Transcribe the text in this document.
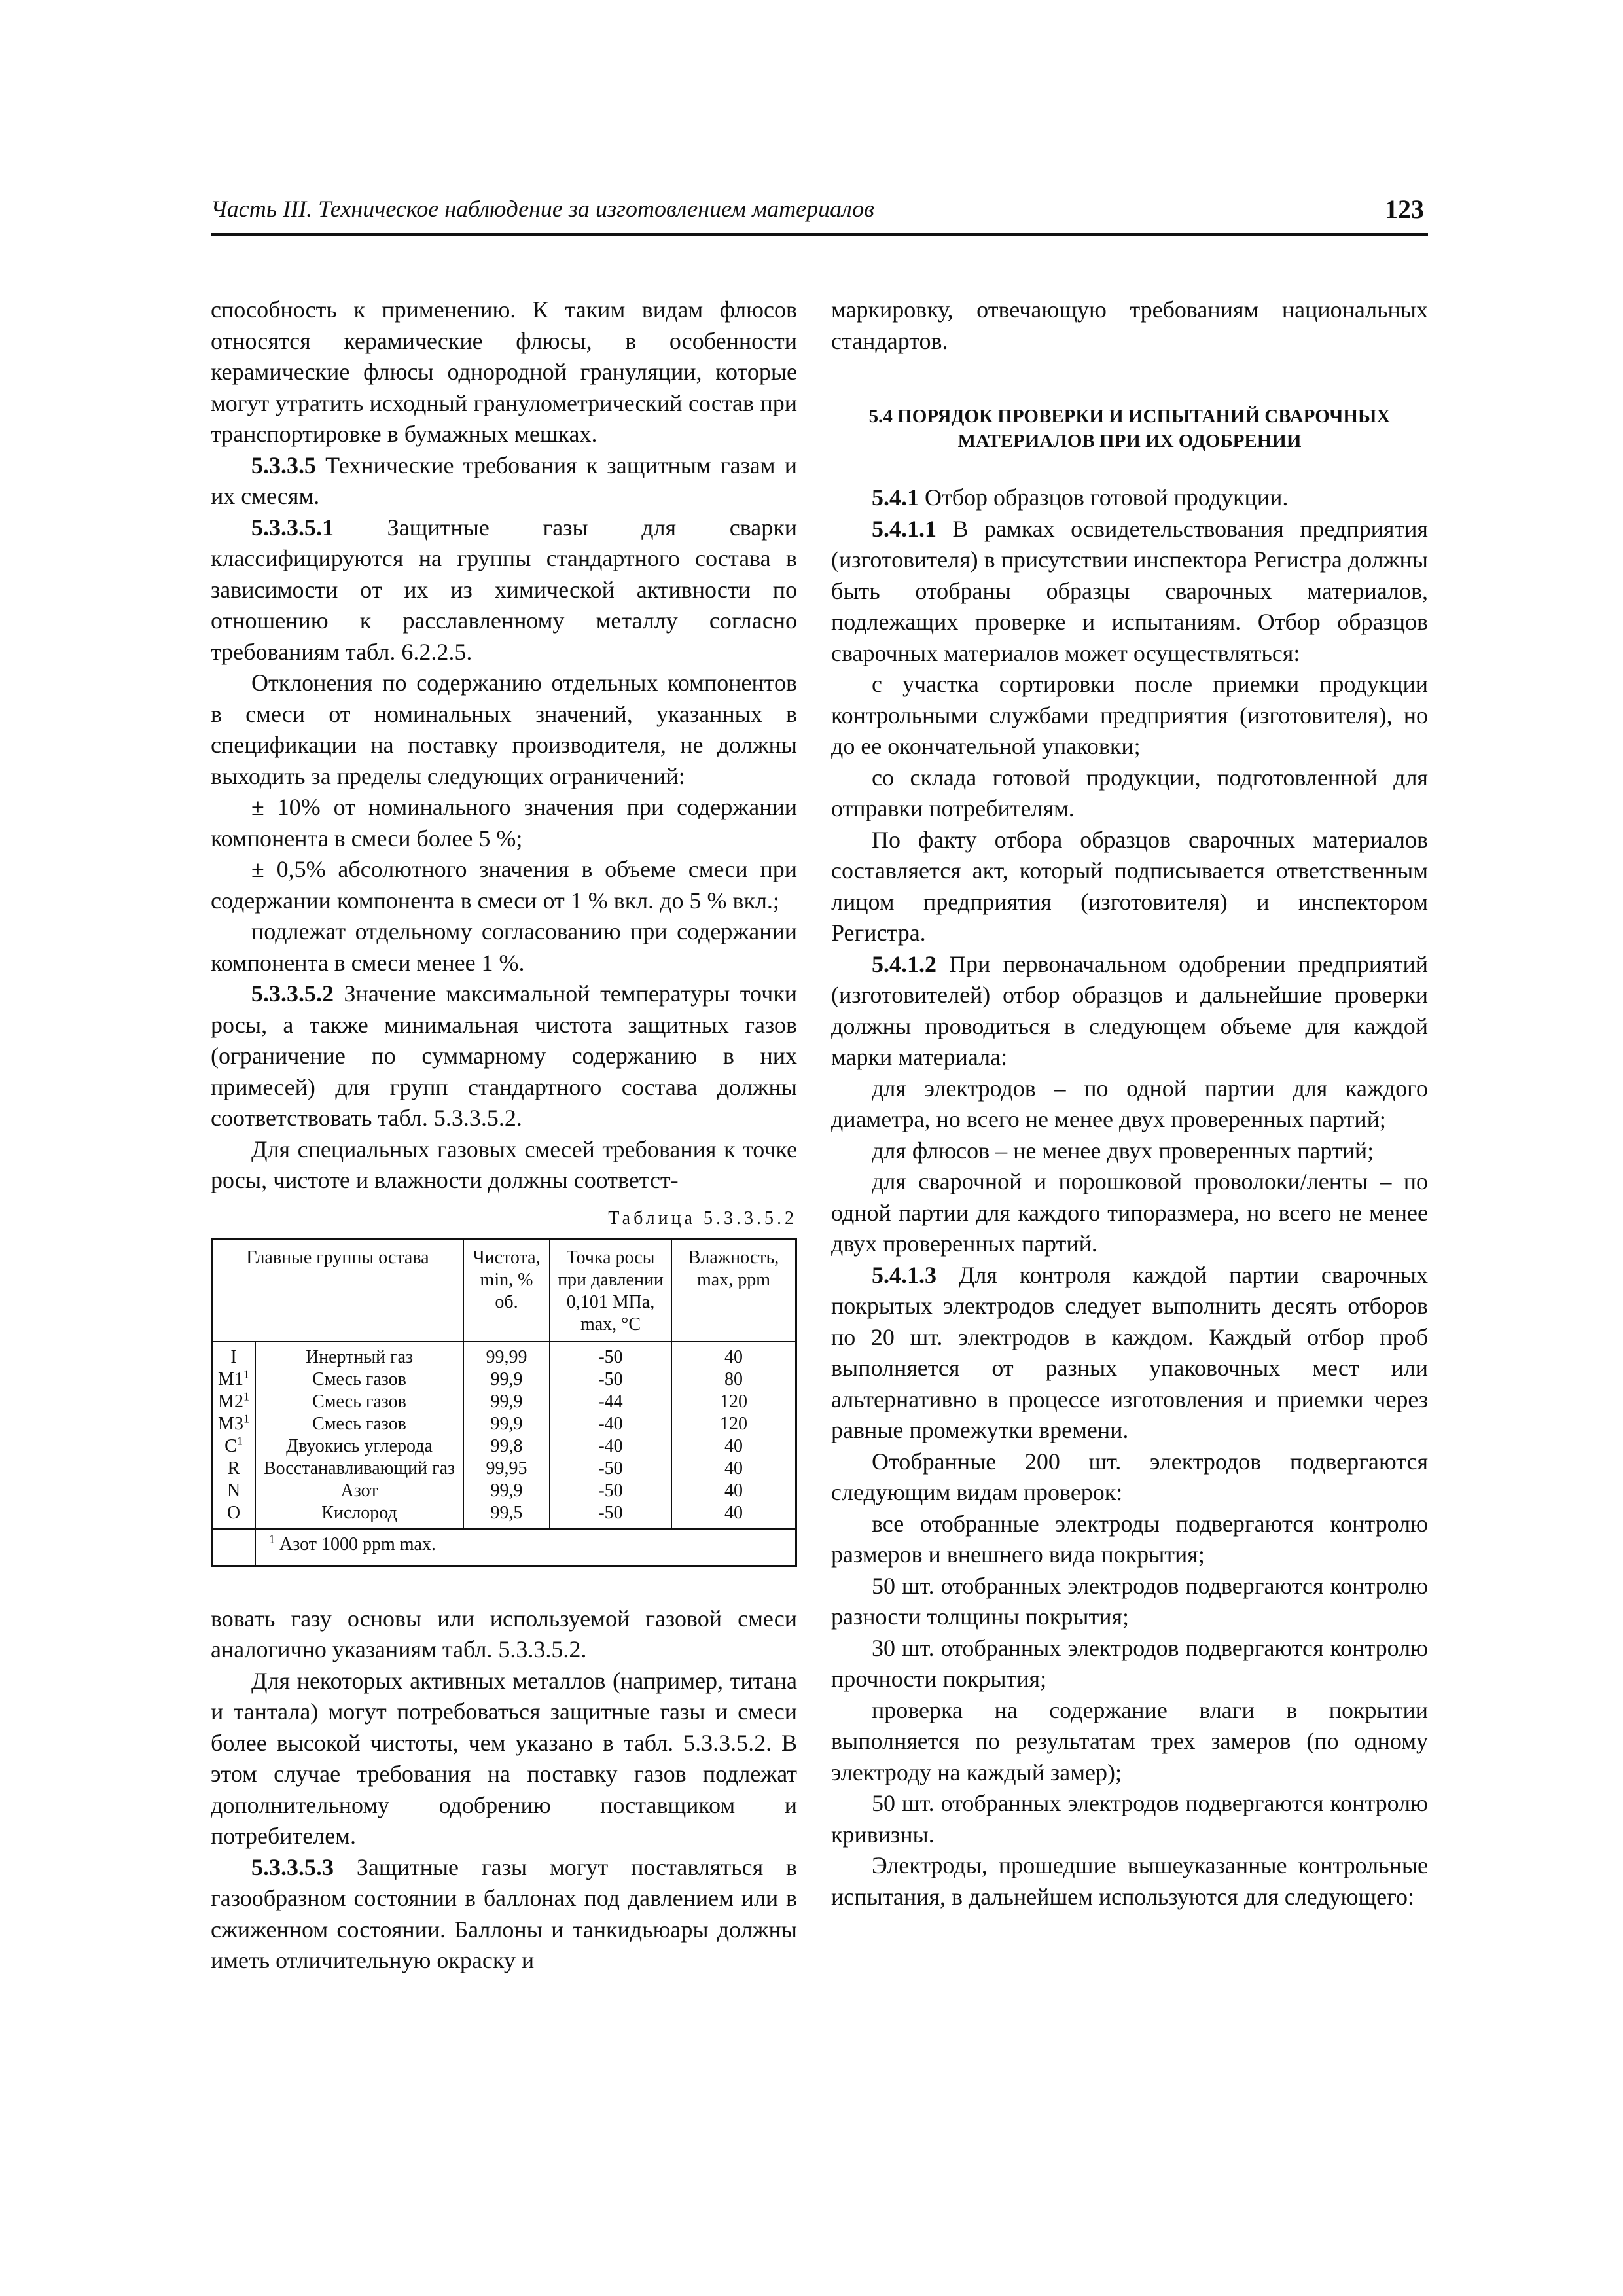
Часть III. Техническое наблюдение за изготовлением материалов	123

способность к применению. К таким видам флюсов относятся керамические флюсы, в особенности керамические флюсы однородной грануляции, которые могут утратить исходный гранулометрический состав при транспортировке в бумажных мешках.

5.3.3.5 Технические требования к защитным газам и их смесям.

5.3.3.5.1 Защитные газы для сварки классифицируются на группы стандартного состава в зависимости от их из химической активности по отношению к расславленному металлу согласно требованиям табл. 6.2.2.5.

Отклонения по содержанию отдельных компонентов в смеси от номинальных значений, указанных в спецификации на поставку производителя, не должны выходить за пределы следующих ограничений:

± 10% от номинального значения при содержании компонента в смеси более 5 %;

± 0,5% абсолютного значения в объеме смеси при содержании компонента в смеси от 1 % вкл. до 5 % вкл.;

подлежат отдельному согласованию при содержании компонента в смеси менее 1 %.

5.3.3.5.2 Значение максимальной температуры точки росы, а также минимальная чистота защитных газов (ограничение по суммарному содержанию в них примесей) для групп стандартного состава должны соответствовать табл. 5.3.3.5.2.

Для специальных газовых смесей требования к точке росы, чистоте и влажности должны соответст-

Таблица 5.3.3.5.2

Главные группы остава		Чистота, min, % об.	Точка росы при давлении 0,101 МПа, max, °С	Влажность, max, ppm
I	Инертный газ	99,99	-50	40
$M1^1$	Смесь газов	99,9	-50	80
$M2^1$	Смесь газов	99,9	-44	120
$M3^1$	Смесь газов	99,9	-40	120
$C^1$	Двуокись углерода	99,8	-40	40
R	Восстанавливающий газ	99,95	-50	40
N	Азот	99,9	-50	40
O	Кислород	99,5	-50	40
	$^1$ Азот 1000 ppm max.			

вовать газу основы или используемой газовой смеси аналогично указаниям табл. 5.3.3.5.2.

Для некоторых активных металлов (например, титана и тантала) могут потребоваться защитные газы и смеси более высокой чистоты, чем указано в табл. 5.3.3.5.2. В этом случае требования на поставку газов подлежат дополнительному одобрению поставщиком и потребителем.

5.3.3.5.3 Защитные газы могут поставляться в газообразном состоянии в баллонах под давлением или в сжиженном состоянии. Баллоны и танкидьюары должны иметь отличительную окраску и

маркировку, отвечающую требованиям национальных стандартов.

5.4 ПОРЯДОК ПРОВЕРКИ И ИСПЫТАНИЙ СВАРОЧНЫХ МАТЕРИАЛОВ ПРИ ИХ ОДОБРЕНИИ

5.4.1 Отбор образцов готовой продукции.

5.4.1.1 В рамках освидетельствования предприятия (изготовителя) в присутствии инспектора Регистра должны быть отобраны образцы сварочных материалов, подлежащих проверке и испытаниям. Отбор образцов сварочных материалов может осуществляться:

с участка сортировки после приемки продукции контрольными службами предприятия (изготовителя), но до ее окончательной упаковки;

со склада готовой продукции, подготовленной для отправки потребителям.

По факту отбора образцов сварочных материалов составляется акт, который подписывается ответственным лицом предприятия (изготовителя) и инспектором Регистра.

5.4.1.2 При первоначальном одобрении предприятий (изготовителей) отбор образцов и дальнейшие проверки должны проводиться в следующем объеме для каждой марки материала:

для электродов – по одной партии для каждого диаметра, но всего не менее двух проверенных партий;

для флюсов – не менее двух проверенных партий;

для сварочной и порошковой проволоки/ленты – по одной партии для каждого типоразмера, но всего не менее двух проверенных партий.

5.4.1.3 Для контроля каждой партии сварочных покрытых электродов следует выполнить десять отборов по 20 шт. электродов в каждом. Каждый отбор проб выполняется от разных упаковочных мест или альтернативно в процессе изготовления и приемки через равные промежутки времени.

Отобранные 200 шт. электродов подвергаются следующим видам проверок:

все отобранные электроды подвергаются контролю размеров и внешнего вида покрытия;

50 шт. отобранных электродов подвергаются контролю разности толщины покрытия;

30 шт. отобранных электродов подвергаются контролю прочности покрытия;

проверка на содержание влаги в покрытии выполняется по результатам трех замеров (по одному электроду на каждый замер);

50 шт. отобранных электродов подвергаются контролю кривизны.

Электроды, прошедшие вышеуказанные контрольные испытания, в дальнейшем используются для следующего:
